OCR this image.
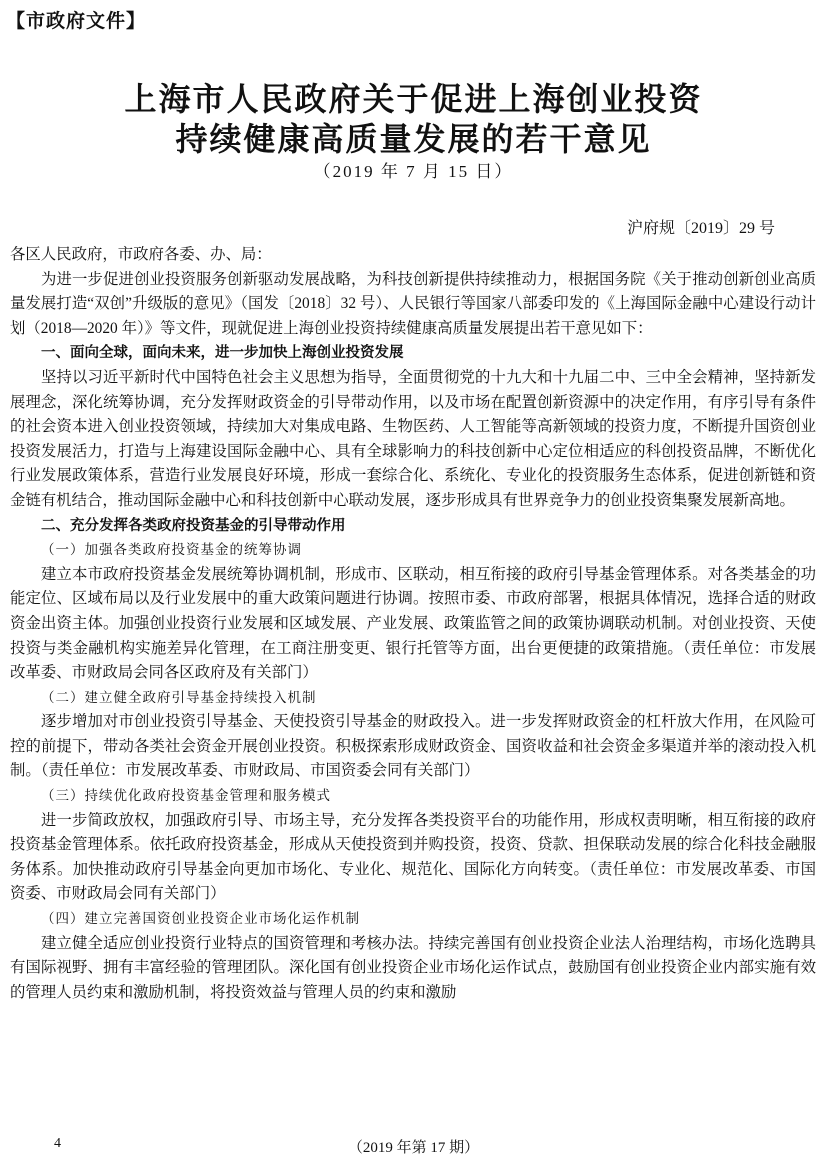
【市政府文件】
上海市人民政府关于促进上海创业投资
持续健康高质量发展的若干意见
（2019 年 7 月 15 日）
沪府规〔2019〕29 号

各区人民政府，市政府各委、办、局：

为进一步促进创业投资服务创新驱动发展战略，为科技创新提供持续推动力，根据国务院《关于推动创新创业高质量发展打造“双创”升级版的意见》（国发〔2018〕32 号）、人民银行等国家八部委印发的《上海国际金融中心建设行动计划（2018—2020 年）》等文件，现就促进上海创业投资持续健康高质量发展提出若干意见如下：

一、面向全球，面向未来，进一步加快上海创业投资发展

坚持以习近平新时代中国特色社会主义思想为指导，全面贯彻党的十九大和十九届二中、三中全会精神，坚持新发展理念，深化统筹协调，充分发挥财政资金的引导带动作用，以及市场在配置创新资源中的决定作用，有序引导有条件的社会资本进入创业投资领域，持续加大对集成电路、生物医药、人工智能等高新领域的投资力度，不断提升国资创业投资发展活力，打造与上海建设国际金融中心、具有全球影响力的科技创新中心定位相适应的科创投资品牌，不断优化行业发展政策体系，营造行业发展良好环境，形成一套综合化、系统化、专业化的投资服务生态体系，促进创新链和资金链有机结合，推动国际金融中心和科技创新中心联动发展，逐步形成具有世界竞争力的创业投资集聚发展新高地。

二、充分发挥各类政府投资基金的引导带动作用
（一）加强各类政府投资基金的统筹协调

建立本市政府投资基金发展统筹协调机制，形成市、区联动，相互衔接的政府引导基金管理体系。对各类基金的功能定位、区域布局以及行业发展中的重大政策问题进行协调。按照市委、市政府部署，根据具体情况，选择合适的财政资金出资主体。加强创业投资行业发展和区域发展、产业发展、政策监管之间的政策协调联动机制。对创业投资、天使投资与类金融机构实施差异化管理，在工商注册变更、银行托管等方面，出台更便捷的政策措施。（责任单位：市发展改革委、市财政局会同各区政府及有关部门）

（二）建立健全政府引导基金持续投入机制

逐步增加对市创业投资引导基金、天使投资引导基金的财政投入。进一步发挥财政资金的杠杆放大作用，在风险可控的前提下，带动各类社会资金开展创业投资。积极探索形成财政资金、国资收益和社会资金多渠道并举的滚动投入机制。（责任单位：市发展改革委、市财政局、市国资委会同有关部门）

（三）持续优化政府投资基金管理和服务模式

进一步简政放权，加强政府引导、市场主导，充分发挥各类投资平台的功能作用，形成权责明晰，相互衔接的政府投资基金管理体系。依托政府投资基金，形成从天使投资到并购投资，投资、贷款、担保联动发展的综合化科技金融服务体系。加快推动政府引导基金向更加市场化、专业化、规范化、国际化方向转变。（责任单位：市发展改革委、市国资委、市财政局会同有关部门）

（四）建立完善国资创业投资企业市场化运作机制

建立健全适应创业投资行业特点的国资管理和考核办法。持续完善国有创业投资企业法人治理结构，市场化选聘具有国际视野、拥有丰富经验的管理团队。深化国有创业投资企业市场化运作试点，鼓励国有创业投资企业内部实施有效的管理人员约束和激励机制，将投资效益与管理人员的约束和激励

4	（2019 年第 17 期）
